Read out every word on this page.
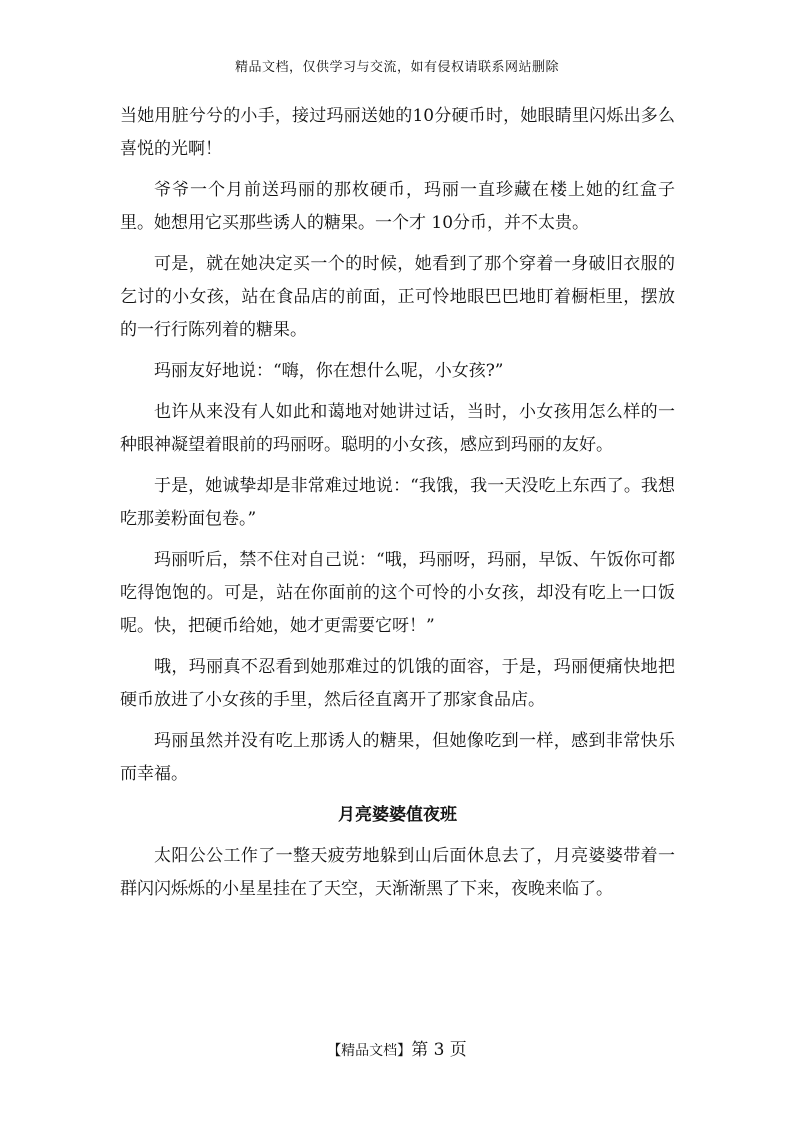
精品文档，仅供学习与交流，如有侵权请联系网站删除

当她用脏兮兮的小手，接过玛丽送她的10分硬币时，她眼睛里闪烁出多么喜悦的光啊！

爷爷一个月前送玛丽的那枚硬币，玛丽一直珍藏在楼上她的红盒子里。她想用它买那些诱人的糖果。一个才 10分币，并不太贵。

可是，就在她决定买一个的时候，她看到了那个穿着一身破旧衣服的乞讨的小女孩，站在食品店的前面，正可怜地眼巴巴地盯着橱柜里，摆放的一行行陈列着的糖果。

玛丽友好地说：“嗨，你在想什么呢，小女孩?”

也许从来没有人如此和蔼地对她讲过话，当时，小女孩用怎么样的一种眼神凝望着眼前的玛丽呀。聪明的小女孩，感应到玛丽的友好。

于是，她诚挚却是非常难过地说：“我饿，我一天没吃上东西了。我想吃那姜粉面包卷。”

玛丽听后，禁不住对自己说：“哦，玛丽呀，玛丽，早饭、午饭你可都吃得饱饱的。可是，站在你面前的这个可怜的小女孩，却没有吃上一口饭呢。快，把硬币给她，她才更需要它呀！”

哦，玛丽真不忍看到她那难过的饥饿的面容，于是，玛丽便痛快地把硬币放进了小女孩的手里，然后径直离开了那家食品店。

玛丽虽然并没有吃上那诱人的糖果，但她像吃到一样，感到非常快乐而幸福。

月亮婆婆值夜班

太阳公公工作了一整天疲劳地躲到山后面休息去了，月亮婆婆带着一群闪闪烁烁的小星星挂在了天空，天渐渐黑了下来，夜晚来临了。

【精品文档】第 3 页
